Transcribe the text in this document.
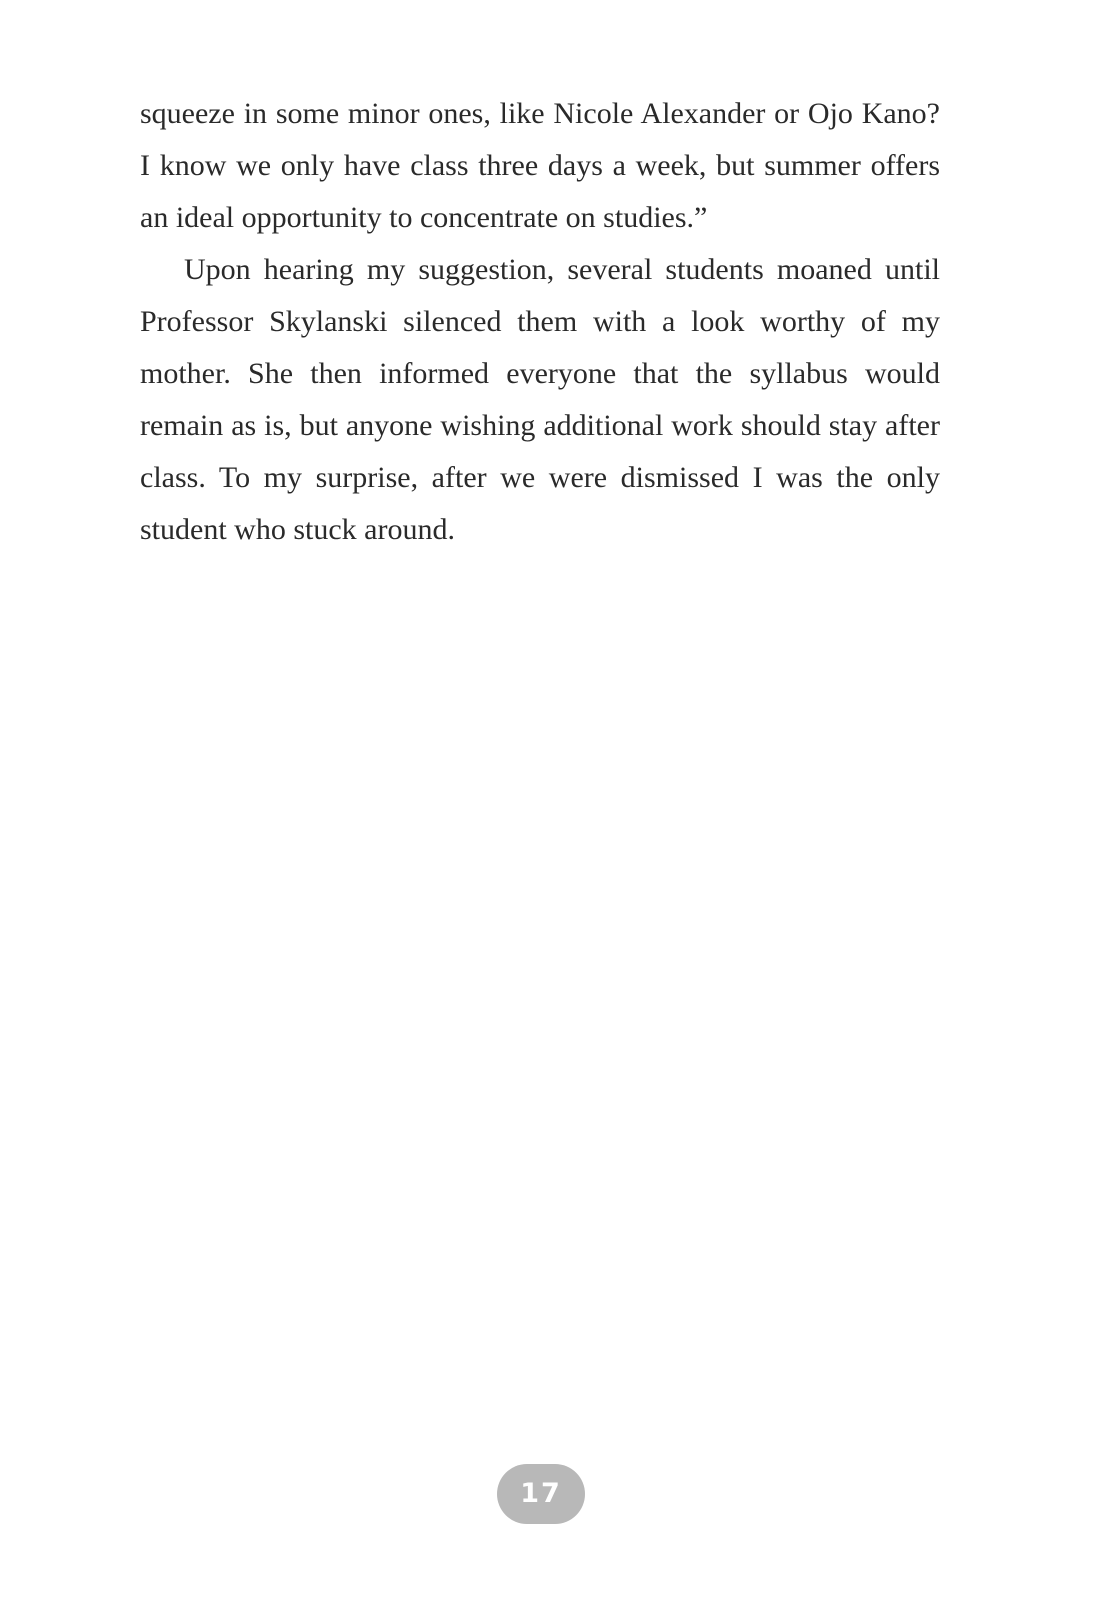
squeeze in some minor ones, like Nicole Alexander or Ojo Kano? I know we only have class three days a week, but summer offers an ideal opportunity to concentrate on studies.”

Upon hearing my suggestion, several students moaned until Professor Skylanski silenced them with a look worthy of my mother. She then informed everyone that the syllabus would remain as is, but anyone wishing additional work should stay after class. To my surprise, after we were dismissed I was the only student who stuck around.

17
